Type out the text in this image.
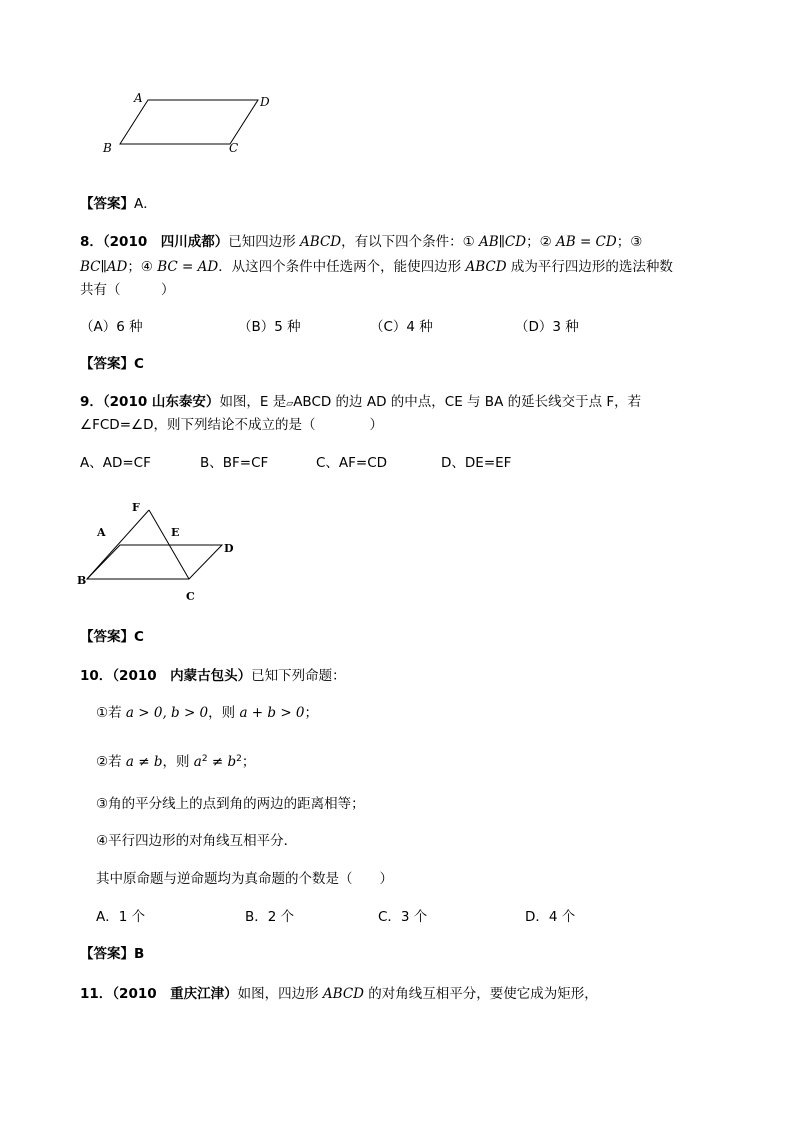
A
B	C
D
【答案】A．
8．（2010　四川成都）已知四边形 ABCD，有以下四个条件：① AB∥CD；② AB = CD；③
BC∥AD；④ BC = AD．从这四个条件中任选两个，能使四边形 ABCD 成为平行四边形的选法种数
共有（　　　）
（A）6 种	（B）5 种	（C）4 种	（D）3 种
【答案】C
9．（2010 山东泰安）如图，E 是▱ABCD 的边 AD 的中点，CE 与 BA 的延长线交于点 F，若
∠FCD=∠D，则下列结论不成立的是（　　　　）
A、AD=CF	B、BF=CF	C、AF=CD	D、DE=EF
F
A	E
D
B
C
【答案】C
10．（2010　内蒙古包头）已知下列命题：
①若 a > 0, b > 0，则 a + b > 0；
②若 a ≠ b，则 $a^2 \ne b^2$；
③角的平分线上的点到角的两边的距离相等；
④平行四边形的对角线互相平分．
其中原命题与逆命题均为真命题的个数是（　　）
A．1 个	B．2 个	C．3 个	D．4 个
【答案】B
11．（2010　重庆江津）如图，四边形 ABCD 的对角线互相平分，要使它成为矩形，
